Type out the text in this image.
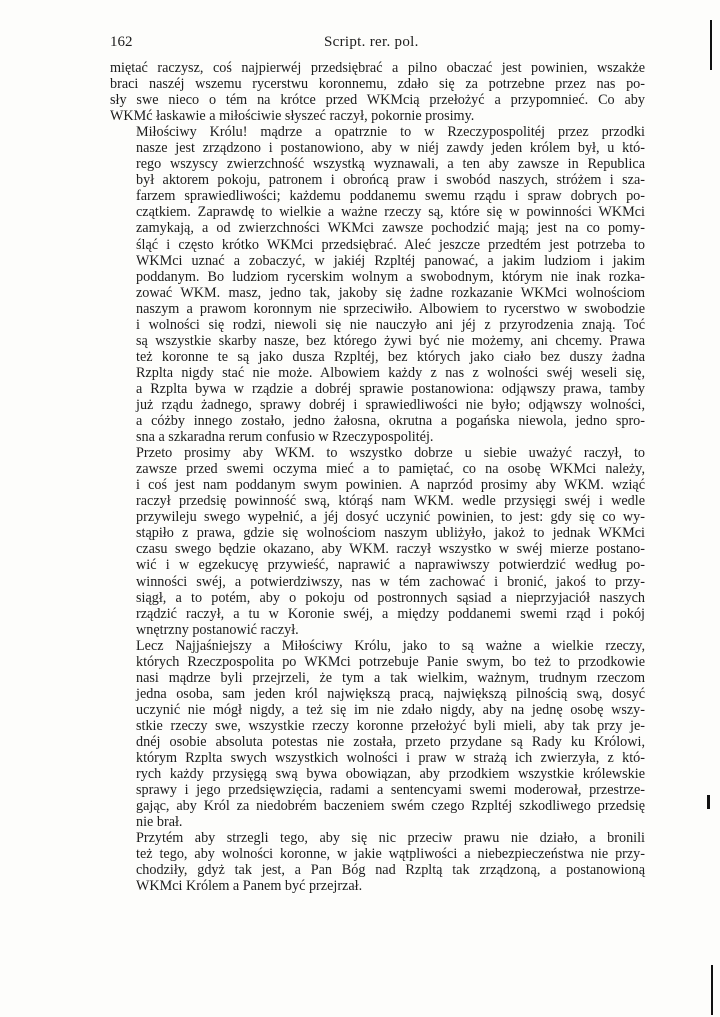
162	Script. rer. pol.

miętać raczysz, coś najpierwéj przedsiębrać a pilno obaczać jest powinien, wszakże
braci naszéj wszemu rycerstwu koronnemu, zdało się za potrzebne przez nas po-
sły swe nieco o tém na krótce przed WKMcią przełożyć a przypomnieć. Co aby
WKMć łaskawie a miłościwie słyszeć raczył, pokornie prosimy.

Miłościwy Królu! mądrze a opatrznie to w Rzeczypospolitéj przez przodki
nasze jest zrządzono i postanowiono, aby w niéj zawdy jeden królem był, u któ-
rego wszyscy zwierzchność wszystką wyznawali, a ten aby zawsze in Republica
był aktorem pokoju, patronem i obrońcą praw i swobód naszych, stróżem i sza-
farzem sprawiedliwości; każdemu poddanemu swemu rządu i spraw dobrych po-
czątkiem. Zaprawdę to wielkie a ważne rzeczy są, które się w powinności WKMci
zamykają, a od zwierzchności WKMci zawsze pochodzić mają; jest na co pomy-
śląć i często krótko WKMci przedsiębrać. Aleć jeszcze przedtém jest potrzeba to
WKMci uznać a zobaczyć, w jakiéj Rzpltéj panować, a jakim ludziom i jakim
poddanym. Bo ludziom rycerskim wolnym a swobodnym, którym nie inak rozka-
zować WKM. masz, jedno tak, jakoby się żadne rozkazanie WKMci wolnościom
naszym a prawom koronnym nie sprzeciwiło. Albowiem to rycerstwo w swobodzie
i wolności się rodzi, niewoli się nie nauczyło ani jéj z przyrodzenia znają. Toć
są wszystkie skarby nasze, bez którego żywi być nie możemy, ani chcemy. Prawa
też koronne te są jako dusza Rzpltéj, bez których jako ciało bez duszy żadna
Rzplta nigdy stać nie może. Albowiem każdy z nas z wolności swéj weseli się,
a Rzplta bywa w rządzie a dobréj sprawie postanowiona: odjąwszy prawa, tamby
już rządu żadnego, sprawy dobréj i sprawiedliwości nie było; odjąwszy wolności,
a cóżby innego zostało, jedno żałosna, okrutna a pogańska niewola, jedno spro-
sna a szkaradna rerum confusio w Rzeczypospolitéj.

Przeto prosimy aby WKM. to wszystko dobrze u siebie uważyć raczył, to
zawsze przed swemi oczyma mieć a to pamiętać, co na osobę WKMci należy,
i coś jest nam poddanym swym powinien. A naprzód prosimy aby WKM. wziąć
raczył przedsię powinność swą, którąś nam WKM. wedle przysięgi swéj i wedle
przywileju swego wypełnić, a jéj dosyć uczynić powinien, to jest: gdy się co wy-
stąpiło z prawa, gdzie się wolnościom naszym ubliżyło, jakoż to jednak WKMci
czasu swego będzie okazano, aby WKM. raczył wszystko w swéj mierze postano-
wić i w egzekucyę przywieść, naprawić a naprawiwszy potwierdzić według po-
winności swéj, a potwierdziwszy, nas w tém zachować i bronić, jakoś to przy-
siągł, a to potém, aby o pokoju od postronnych sąsiad a nieprzyjaciół naszych
rządzić raczył, a tu w Koronie swéj, a między poddanemi swemi rząd i pokój
wnętrzny postanowić raczył.

Lecz Najjaśniejszy a Miłościwy Królu, jako to są ważne a wielkie rzeczy,
których Rzeczpospolita po WKMci potrzebuje Panie swym, bo też to przodkowie
nasi mądrze byli przejrzeli, że tym a tak wielkim, ważnym, trudnym rzeczom
jedna osoba, sam jeden król największą pracą, największą pilnością swą, dosyć
uczynić nie mógł nigdy, a też się im nie zdało nigdy, aby na jednę osobę wszy-
stkie rzeczy swe, wszystkie rzeczy koronne przełożyć byli mieli, aby tak przy je-
dnéj osobie absoluta potestas nie została, przeto przydane są Rady ku Królowi,
którym Rzplta swych wszystkich wolności i praw w strażą ich zwierzyła, z któ-
rych każdy przysięgą swą bywa obowiązan, aby przodkiem wszystkie królewskie
sprawy i jego przedsięwzięcia, radami a sentencyami swemi moderował, przestrze-
gając, aby Król za niedobrém baczeniem swém czego Rzpltéj szkodliwego przedsię
nie brał.

Przytém aby strzegli tego, aby się nic przeciw prawu nie działo, a bronili
też tego, aby wolności koronne, w jakie wątpliwości a niebezpieczeństwa nie przy-
chodziły, gdyż tak jest, a Pan Bóg nad Rzpltą tak zrządzoną, a postanowioną
WKMci Królem a Panem być przejrzał.
